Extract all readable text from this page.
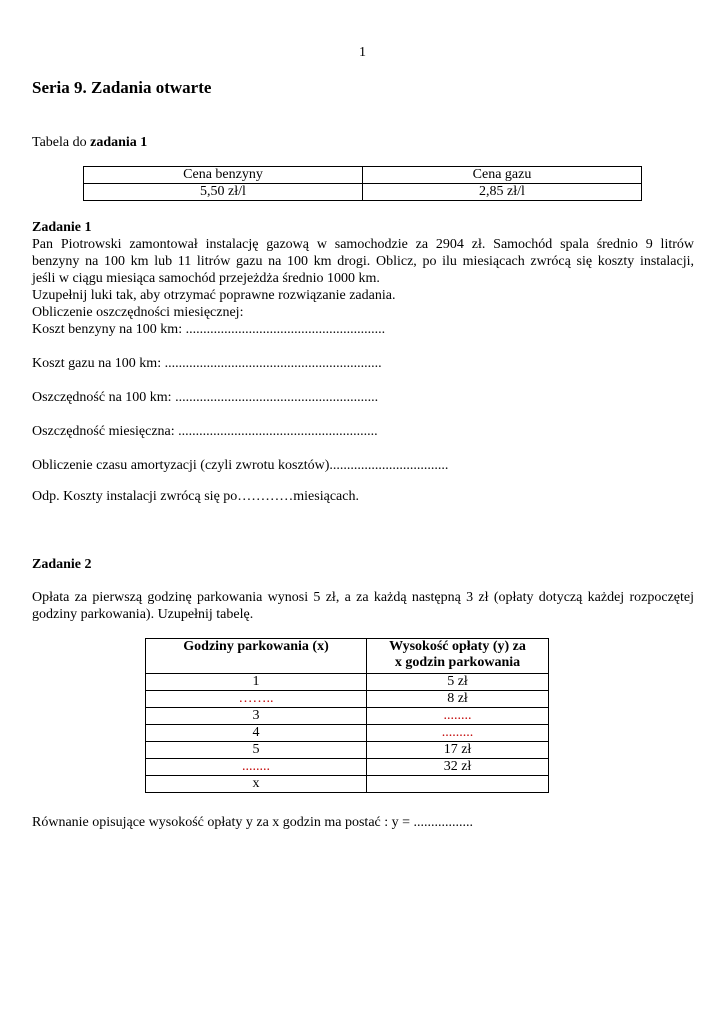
1
Seria 9. Zadania otwarte
Tabela do zadania 1
Cena benzyny	Cena gazu
5,50 zł/l	2,85 zł/l
Zadanie 1
Pan Piotrowski zamontował instalację gazową w samochodzie za 2904 zł. Samochód spala średnio 9 litrów
benzyny na 100 km lub 11 litrów gazu na 100 km drogi. Oblicz, po ilu miesiącach zwrócą się koszty instalacji,
jeśli w ciągu miesiąca samochód przejeżdża średnio 1000 km.
Uzupełnij luki tak, aby otrzymać poprawne rozwiązanie zadania.
Obliczenie oszczędności miesięcznej:
Koszt benzyny na 100 km: .........................................................
Koszt gazu na 100 km: ..............................................................
Oszczędność na 100 km: ..........................................................
Oszczędność miesięczna: .........................................................
Obliczenie czasu amortyzacji (czyli zwrotu kosztów)..................................
Odp. Koszty instalacji zwrócą się po…………miesiącach.
Zadanie 2
Opłata za pierwszą godzinę parkowania wynosi 5 zł, a za każdą następną 3 zł (opłaty dotyczą każdej rozpoczętej
godziny parkowania). Uzupełnij tabelę.
Godziny parkowania (x)	Wysokość opłaty (y) za
x godzin parkowania

1	5 zł
……..	8 zł
3	........
4	.........
5	17 zł
........	32 zł
x	
Równanie opisujące wysokość opłaty y za x godzin ma postać : y = .................
